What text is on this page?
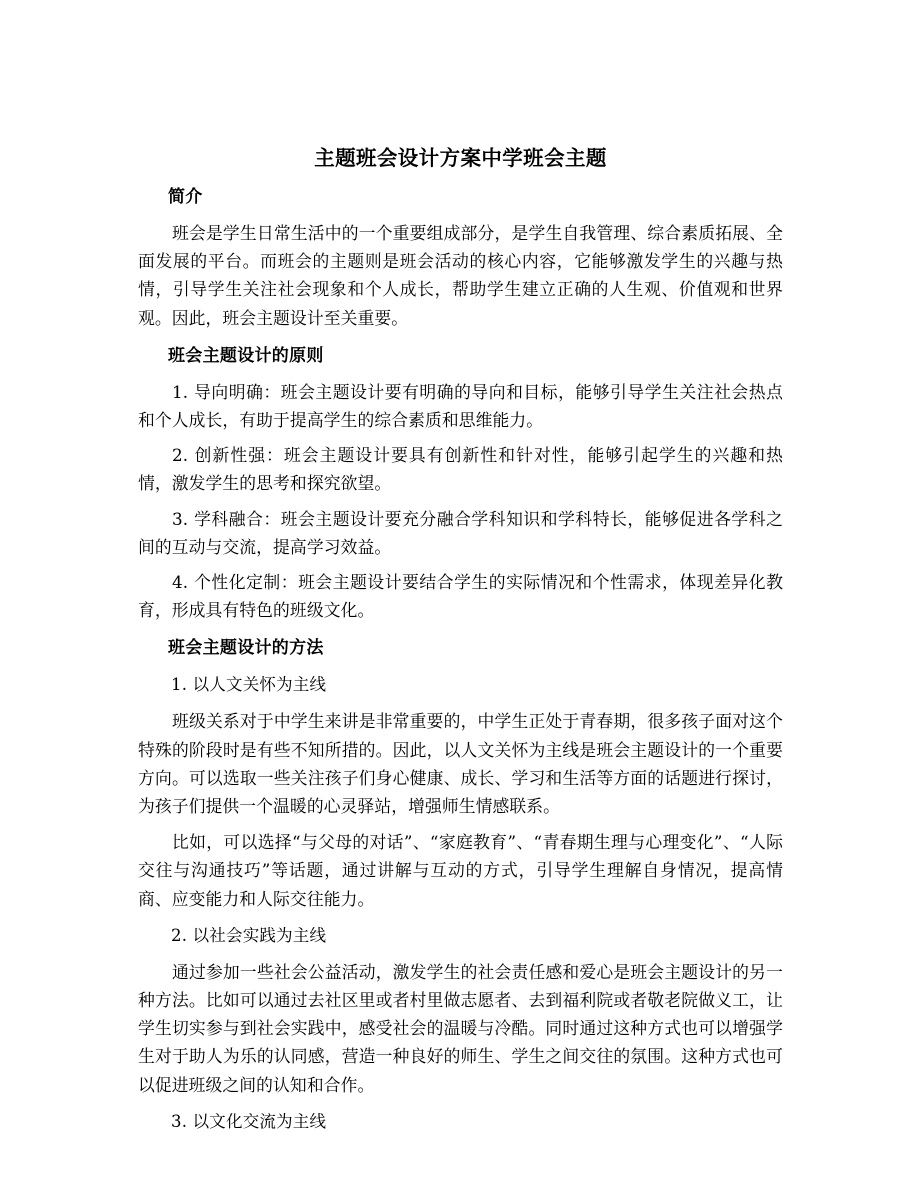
主题班会设计方案中学班会主题
简介

班会是学生日常生活中的一个重要组成部分，是学生自我管理、综合素质拓展、全面发展的平台。而班会的主题则是班会活动的核心内容，它能够激发学生的兴趣与热情，引导学生关注社会现象和个人成长，帮助学生建立正确的人生观、价值观和世界观。因此，班会主题设计至关重要。

班会主题设计的原则

1. 导向明确：班会主题设计要有明确的导向和目标，能够引导学生关注社会热点和个人成长，有助于提高学生的综合素质和思维能力。

2. 创新性强：班会主题设计要具有创新性和针对性，能够引起学生的兴趣和热情，激发学生的思考和探究欲望。

3. 学科融合：班会主题设计要充分融合学科知识和学科特长，能够促进各学科之间的互动与交流，提高学习效益。

4. 个性化定制：班会主题设计要结合学生的实际情况和个性需求，体现差异化教育，形成具有特色的班级文化。

班会主题设计的方法
1. 以人文关怀为主线

班级关系对于中学生来讲是非常重要的，中学生正处于青春期，很多孩子面对这个特殊的阶段时是有些不知所措的。因此，以人文关怀为主线是班会主题设计的一个重要方向。可以选取一些关注孩子们身心健康、成长、学习和生活等方面的话题进行探讨，为孩子们提供一个温暖的心灵驿站，增强师生情感联系。

比如，可以选择“与父母的对话”、“家庭教育”、“青春期生理与心理变化”、“人际交往与沟通技巧”等话题，通过讲解与互动的方式，引导学生理解自身情况，提高情商、应变能力和人际交往能力。

2. 以社会实践为主线

通过参加一些社会公益活动，激发学生的社会责任感和爱心是班会主题设计的另一种方法。比如可以通过去社区里或者村里做志愿者、去到福利院或者敬老院做义工，让学生切实参与到社会实践中，感受社会的温暖与冷酷。同时通过这种方式也可以增强学生对于助人为乐的认同感，营造一种良好的师生、学生之间交往的氛围。这种方式也可以促进班级之间的认知和合作。

3. 以文化交流为主线
